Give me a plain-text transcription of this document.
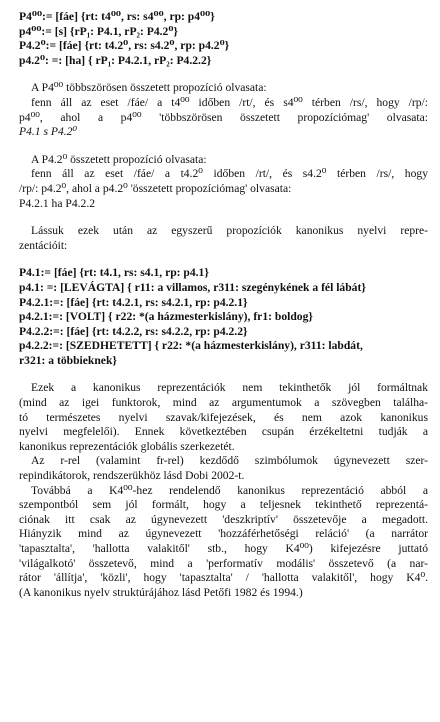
P4⁰⁰:= [fáe] {rt: t4⁰⁰, rs: s4⁰⁰, rp: p4⁰⁰}
p4⁰⁰:= [s] {rP₁: P4.1, rP₂: P4.2⁰}
P4.2⁰:= [fáe] {rt: t4.2⁰, rs: s4.2⁰, rp: p4.2⁰}
p4.2⁰: =: [ha] { rP₁: P4.2.1, rP₂: P4.2.2}
A P4⁰⁰ többszörösen összetett propozíció olvasata:
fenn áll az eset /fáe/ a t4⁰⁰ időben /rt/, és s4⁰⁰ térben /rs/, hogy /rp/:
p4⁰⁰, ahol a p4⁰⁰ 'többszörösen összetett propozíciómag' olvasata:
P4.1 s P4.2⁰
A P4.2⁰ összetett propozíció olvasata:
fenn áll az eset /fáe/ a t4.2⁰ időben /rt/, és s4.2⁰ térben /rs/, hogy
/rp/: p4.2⁰, ahol a p4.2⁰ 'összetett propozíciómag' olvasata:
P4.2.1 ha P4.2.2
Lássuk ezek után az egyszerű propozíciók kanonikus nyelvi repre-
zentációit:
P4.1:= [fáe] {rt: t4.1, rs: s4.1, rp: p4.1}
p4.1: =: [LEVÁGTA] { r11: a villamos, r311: szegénykének a fél lábát}
P4.2.1:=: [fáe] {rt: t4.2.1, rs: s4.2.1, rp: p4.2.1}
p4.2.1:=: [VOLT] { r22: *(a házmesterkislány), fr1: boldog}
P4.2.2:=: [fáe] {rt: t4.2.2, rs: s4.2.2, rp: p4.2.2}
p4.2.2:=: [SZEDHETETT] { r22: *(a házmesterkislány), r311: labdát,
r321: a többieknek}
Ezek a kanonikus reprezentációk nem tekinthetők jól formáltnak
(mind az igei funktorok, mind az argumentumok a szövegben találha-
tó természetes nyelvi szavak/kifejezések, és nem azok kanonikus
nyelvi megfelelői). Ennek következtében csupán érzékeltetni tudják a
kanonikus reprezentációk globális szerkezetét.
Az r-rel (valamint fr-rel) kezdődő szimbólumok úgynevezett szer-
repindikátorok, rendszerükhöz lásd Dobi 2002-t.
Továbbá a K4⁰⁰-hez rendelendő kanonikus reprezentáció abból a
szempontból sem jól formált, hogy a teljesnek tekinthető reprezentá-
ciónak itt csak az úgynevezett 'deszkriptív' összetevője a megadott.
Hiányzik mind az úgynevezett 'hozzáférhetőségi reláció' (a narrátor
'tapasztalta', 'hallotta valakitől' stb., hogy K4⁰⁰) kifejezésre juttató
'világalkotó' összetevő, mind a 'performatív modális' összetevő (a nar-
rátor 'állítja', 'közli', hogy 'tapasztalta' / 'hallotta valakitől', hogy K4⁰.
(A kanonikus nyelv struktúrájához lásd Petőfi 1982 és 1994.)
